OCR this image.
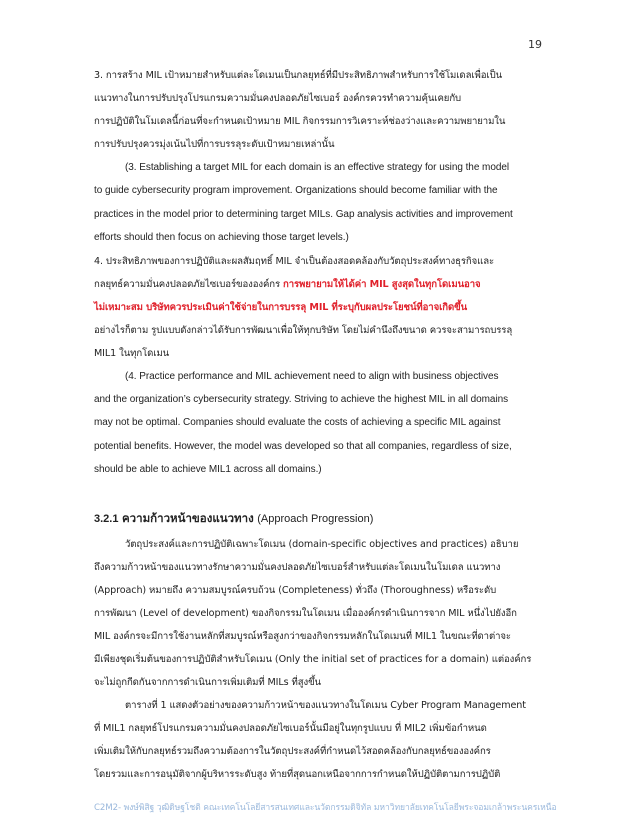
19

3. การสร้าง MIL เป้าหมายสำหรับแต่ละโดเมนเป็นกลยุทธ์ที่มีประสิทธิภาพสำหรับการใช้โมเดลเพื่อเป็น

แนวทางในการปรับปรุงโปรแกรมความมั่นคงปลอดภัยไซเบอร์ องค์กรควรทำความคุ้นเคยกับ

การปฏิบัติในโมเดลนี้ก่อนที่จะกำหนดเป้าหมาย MIL กิจกรรมการวิเคราะห์ช่องว่างและความพยายามใน

การปรับปรุงควรมุ่งเน้นไปที่การบรรลุระดับเป้าหมายเหล่านั้น

(3. Establishing a target MIL for each domain is an effective strategy for using the model

to guide cybersecurity program improvement. Organizations should become familiar with the

practices in the model prior to determining target MILs. Gap analysis activities and improvement

efforts should then focus on achieving those target levels.)

4. ประสิทธิภาพของการปฏิบัติและผลสัมฤทธิ์ MIL จำเป็นต้องสอดคล้องกับวัตถุประสงค์ทางธุรกิจและ

กลยุทธ์ความมั่นคงปลอดภัยไซเบอร์ขององค์กร การพยายามให้ได้ค่า MIL สูงสุดในทุกโดเมนอาจ

ไม่เหมาะสม บริษัทควรประเมินค่าใช้จ่ายในการบรรลุ MIL ที่ระบุกับผลประโยชน์ที่อาจเกิดขึ้น

อย่างไรก็ตาม รูปแบบดังกล่าวได้รับการพัฒนาเพื่อให้ทุกบริษัท โดยไม่คำนึงถึงขนาด ควรจะสามารถบรรลุ

MIL1 ในทุกโดเมน

(4. Practice performance and MIL achievement need to align with business objectives

and the organization’s cybersecurity strategy. Striving to achieve the highest MIL in all domains

may not be optimal. Companies should evaluate the costs of achieving a specific MIL against

potential benefits. However, the model was developed so that all companies, regardless of size,

should be able to achieve MIL1 across all domains.)

3.2.1 ความก้าวหน้าของแนวทาง (Approach Progression)

วัตถุประสงค์และการปฏิบัติเฉพาะโดเมน (domain-specific objectives and practices) อธิบาย

ถึงความก้าวหน้าของแนวทางรักษาความมั่นคงปลอดภัยไซเบอร์สำหรับแต่ละโดเมนในโมเดล แนวทาง

(Approach) หมายถึง ความสมบูรณ์ครบถ้วน (Completeness) ทั่วถึง (Thoroughness) หรือระดับ

การพัฒนา (Level of development) ของกิจกรรมในโดเมน เมื่อองค์กรดำเนินการจาก MIL หนึ่งไปยังอีก

MIL องค์กรจะมีการใช้งานหลักที่สมบูรณ์หรือสูงกว่าของกิจกรรมหลักในโดเมนที่ MIL1 ในขณะที่ดาต่าจะ

มีเพียงชุดเริ่มต้นของการปฏิบัติสำหรับโดเมน (Only the initial set of practices for a domain) แต่องค์กร

จะไม่ถูกกีดกันจากการดำเนินการเพิ่มเติมที่ MILs ที่สูงขึ้น

ตารางที่ 1 แสดงตัวอย่างของความก้าวหน้าของแนวทางในโดเมน Cyber Program Management

ที่ MIL1 กลยุทธ์โปรแกรมความมั่นคงปลอดภัยไซเบอร์นั้นมีอยู่ในทุกรูปแบบ ที่ MIL2 เพิ่มข้อกำหนด

เพิ่มเติมให้กับกลยุทธ์รวมถึงความต้องการในวัตถุประสงค์ที่กำหนดไว้สอดคล้องกับกลยุทธ์ขององค์กร

โดยรวมและการอนุมัติจากผู้บริหารระดับสูง ท้ายที่สุดนอกเหนือจากการกำหนดให้ปฏิบัติตามการปฏิบัติ

C2M2- พงษ์พิสิฐ วุฒิดิษฐโชติ คณะเทคโนโลยีสารสนเทศและนวัตกรรมดิจิทัล มหาวิทยาลัยเทคโนโลยีพระจอมเกล้าพระนครเหนือ
